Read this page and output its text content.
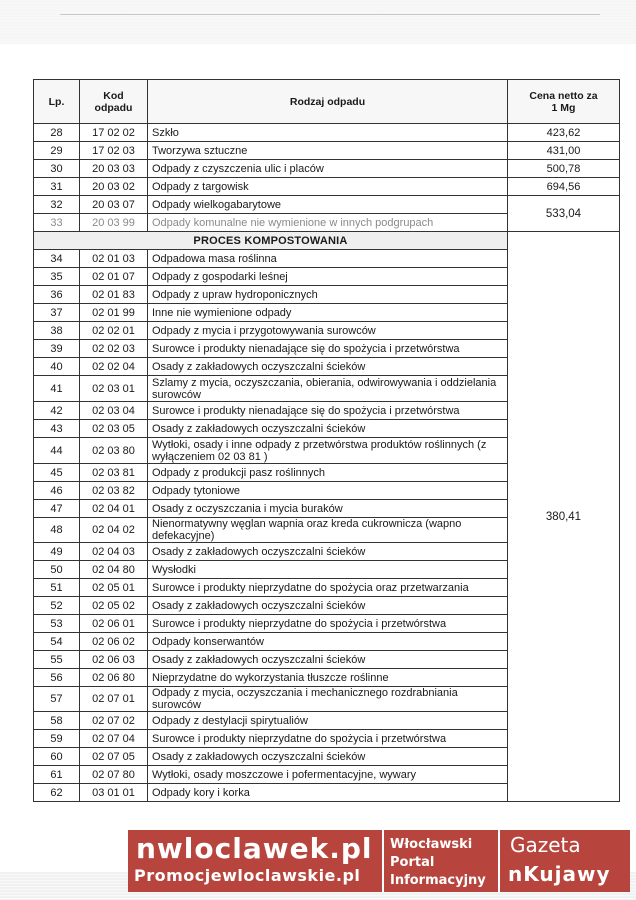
Lp.	Kod odpadu	Rodzaj odpadu	Cena netto za
1 Mg
28	17 02 02	Szkło	423,62
29	17 02 03	Tworzywa sztuczne	431,00
30	20 03 03	Odpady z czyszczenia ulic i placów	500,78
31	20 03 02	Odpady z targowisk	694,56
32	20 03 07	Odpady wielkogabarytowe	533,04
33	20 03 99	Odpady komunalne nie wymienione w innych podgrupach	
PROCES KOMPOSTOWANIA			380,41
34	02 01 03	Odpadowa masa roślinna	
35	02 01 07	Odpady z gospodarki leśnej	
36	02 01 83	Odpady z upraw hydroponicznych	
37	02 01 99	Inne nie wymienione odpady	
38	02 02 01	Odpady z mycia i przygotowywania surowców	
39	02 02 03	Surowce i produkty nienadające się do spożycia i przetwórstwa	
40	02 02 04	Osady z zakładowych oczyszczalni ścieków	
41	02 03 01	Szlamy z mycia, oczyszczania, obierania, odwirowywania i oddzielania surowców	
42	02 03 04	Surowce i produkty nienadające się do spożycia i przetwórstwa	
43	02 03 05	Osady z zakładowych oczyszczalni ścieków	
44	02 03 80	Wytłoki, osady i inne odpady z przetwórstwa produktów roślinnych (z wyłączeniem 02 03 81 )	
45	02 03 81	Odpady z produkcji pasz roślinnych	
46	02 03 82	Odpady tytoniowe	
47	02 04 01	Osady z oczyszczania i mycia buraków	
48	02 04 02	Nienormatywny węglan wapnia oraz kreda cukrownicza (wapno defekacyjne)	
49	02 04 03	Osady z zakładowych oczyszczalni ścieków	
50	02 04 80	Wysłodki	
51	02 05 01	Surowce i produkty nieprzydatne do spożycia oraz przetwarzania	
52	02 05 02	Osady z zakładowych oczyszczalni ścieków	
53	02 06 01	Surowce i produkty nieprzydatne do spożycia i przetwórstwa	
54	02 06 02	Odpady konserwantów	
55	02 06 03	Osady z zakładowych oczyszczalni ścieków	
56	02 06 80	Nieprzydatne do wykorzystania tłuszcze roślinne	
57	02 07 01	Odpady z mycia, oczyszczania i mechanicznego rozdrabniania surowców	
58	02 07 02	Odpady z destylacji spirytualiów	
59	02 07 04	Surowce i produkty nieprzydatne do spożycia i przetwórstwa	
60	02 07 05	Osady z zakładowych oczyszczalni ścieków	
61	02 07 80	Wytłoki, osady moszczowe i pofermentacyjne, wywary	
62	03 01 01	Odpady kory i korka	
nwloclawek.pl
Promocjewloclawskie.pl
Włocławski
Portal
Informacyjny
Gazeta
nKujawy
